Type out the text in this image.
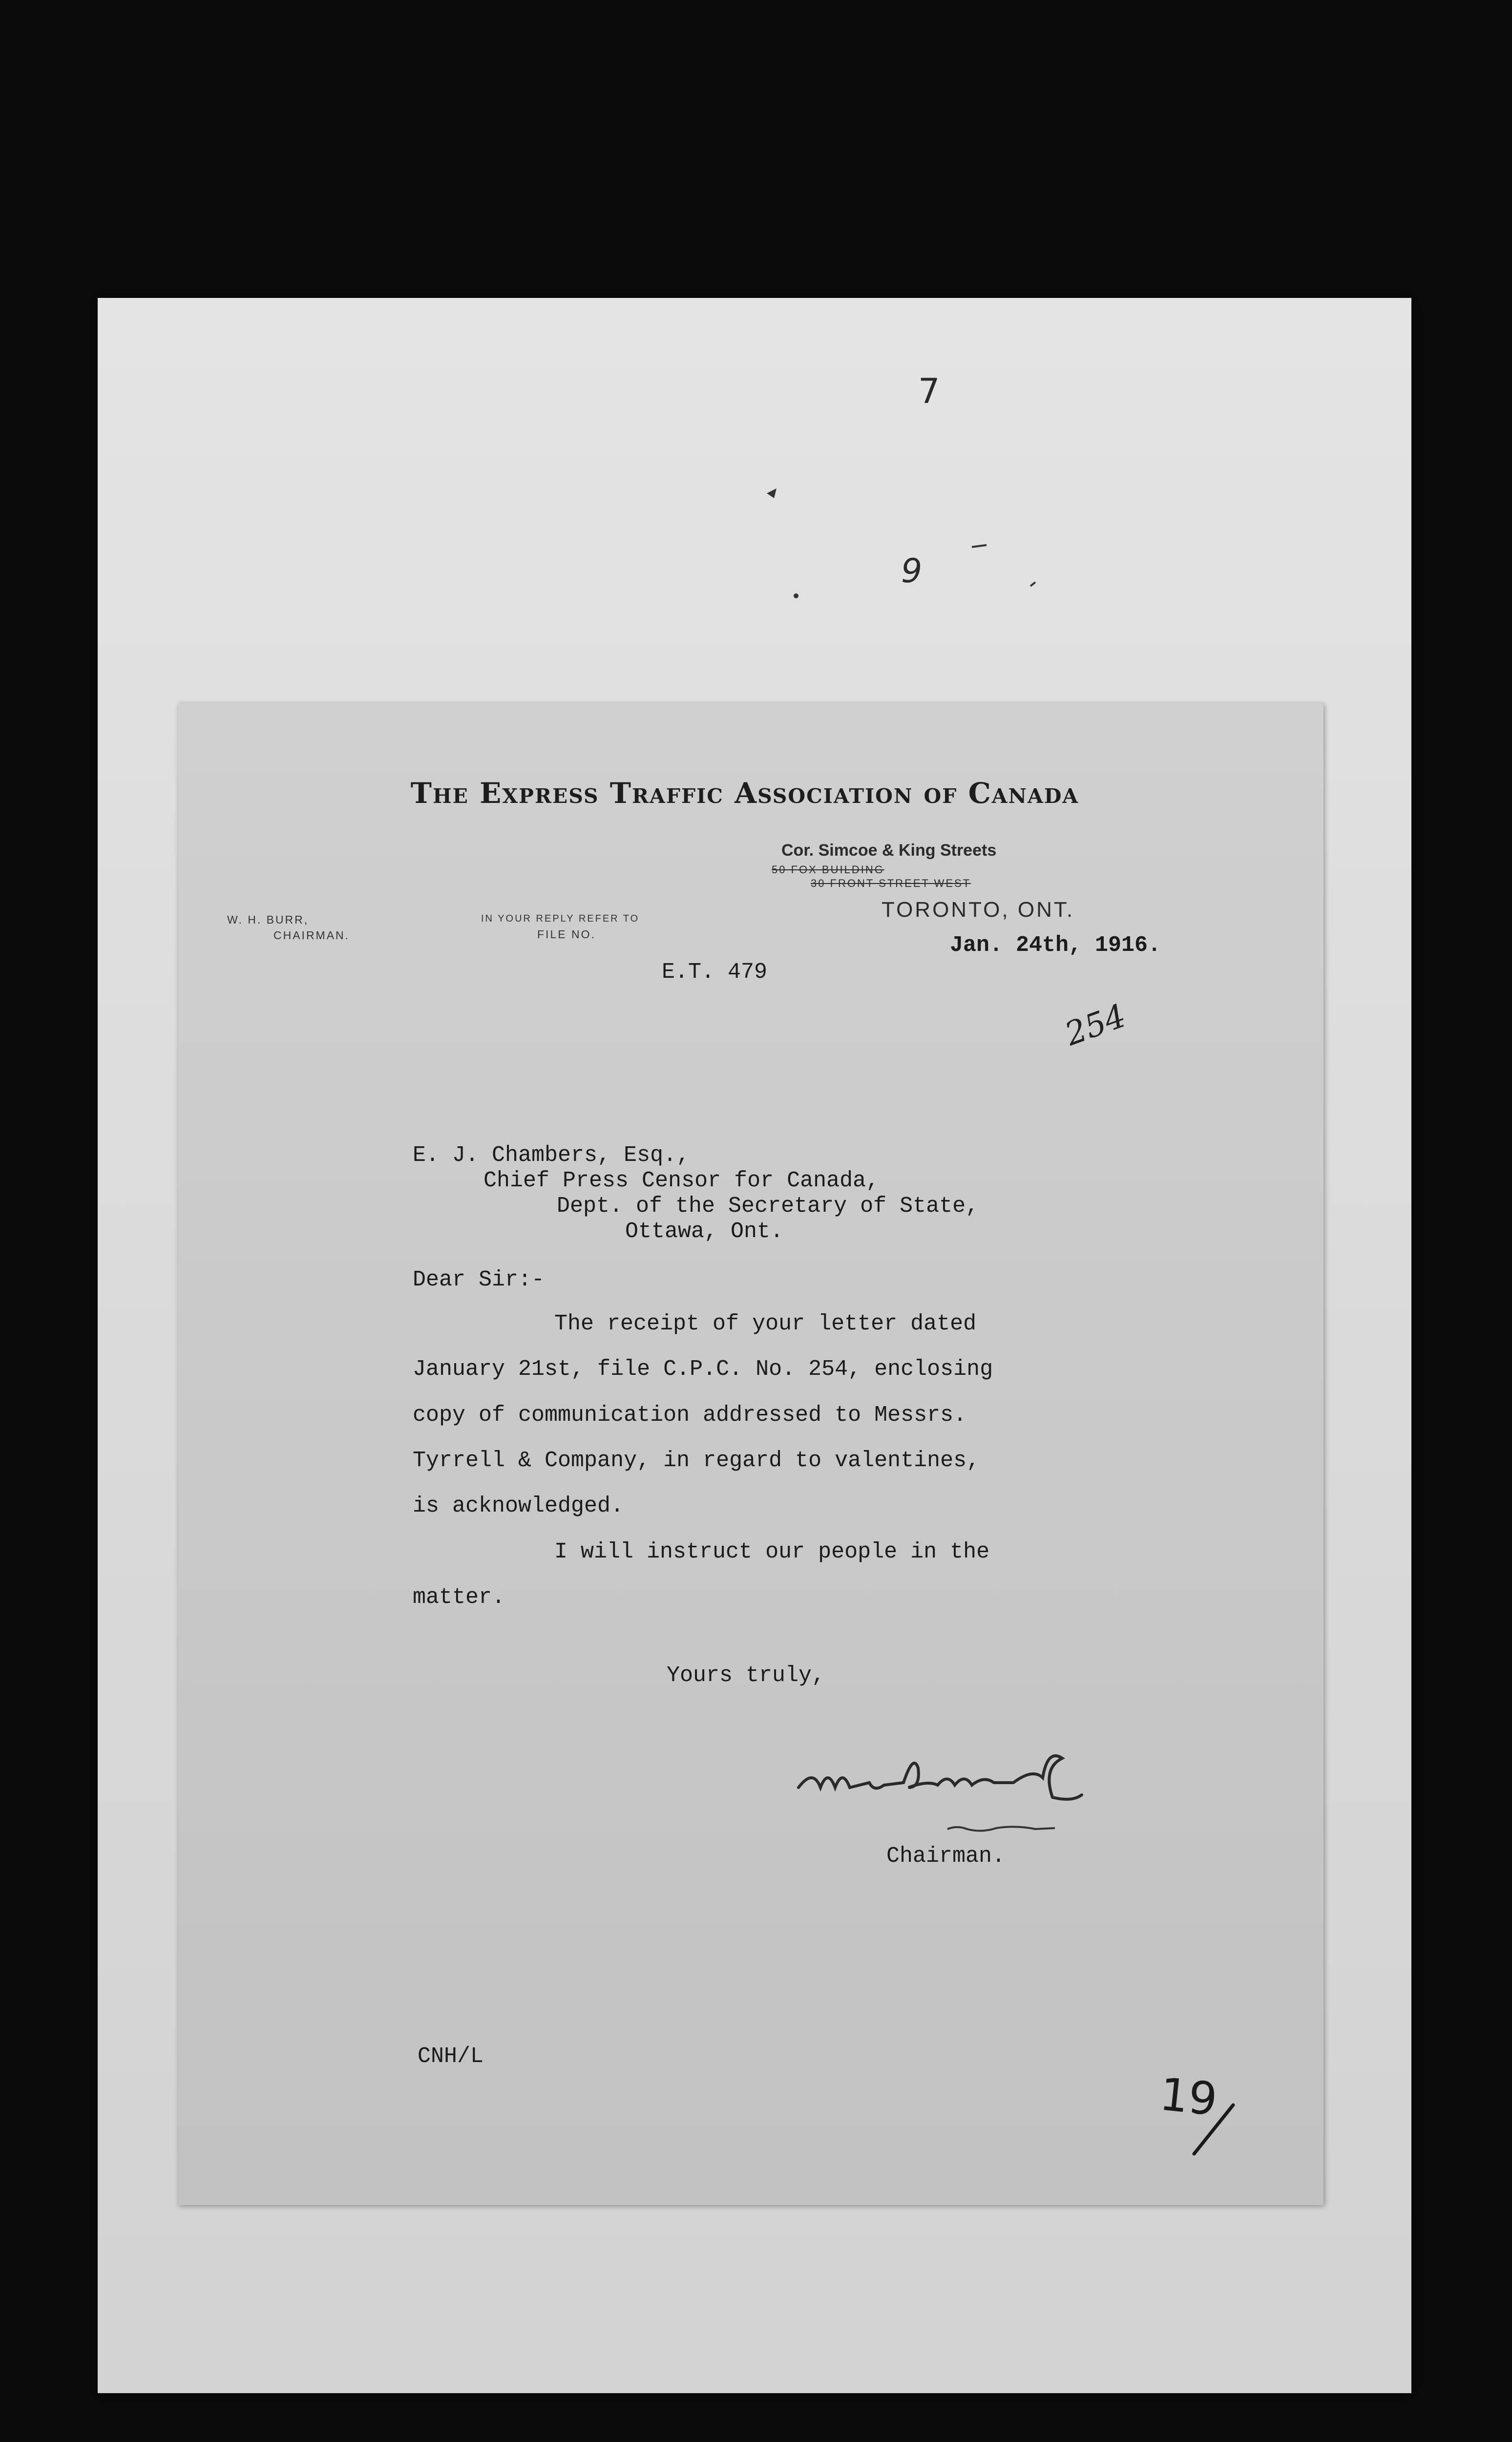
7
9
The Express Traffic Association of Canada
Cor. Simcoe & King Streets
50 FOX BUILDING
30 FRONT STREET WEST
TORONTO, ONT.
W. H. BURR,
CHAIRMAN.
IN YOUR REPLY REFER TO
FILE NO.	Jan. 24th, 1916.
E.T. 479
254
E. J. Chambers, Esq.,
Chief Press Censor for Canada,
Dept. of the Secretary of State,
Ottawa, Ont.
Dear Sir:-
The receipt of your letter dated
January 21st, file C.P.C. No. 254, enclosing
copy of communication addressed to Messrs.
Tyrrell & Company, in regard to valentines,
is acknowledged.
I will instruct our people in the
matter.
Yours truly,
Chairman.
CNH/L
19
